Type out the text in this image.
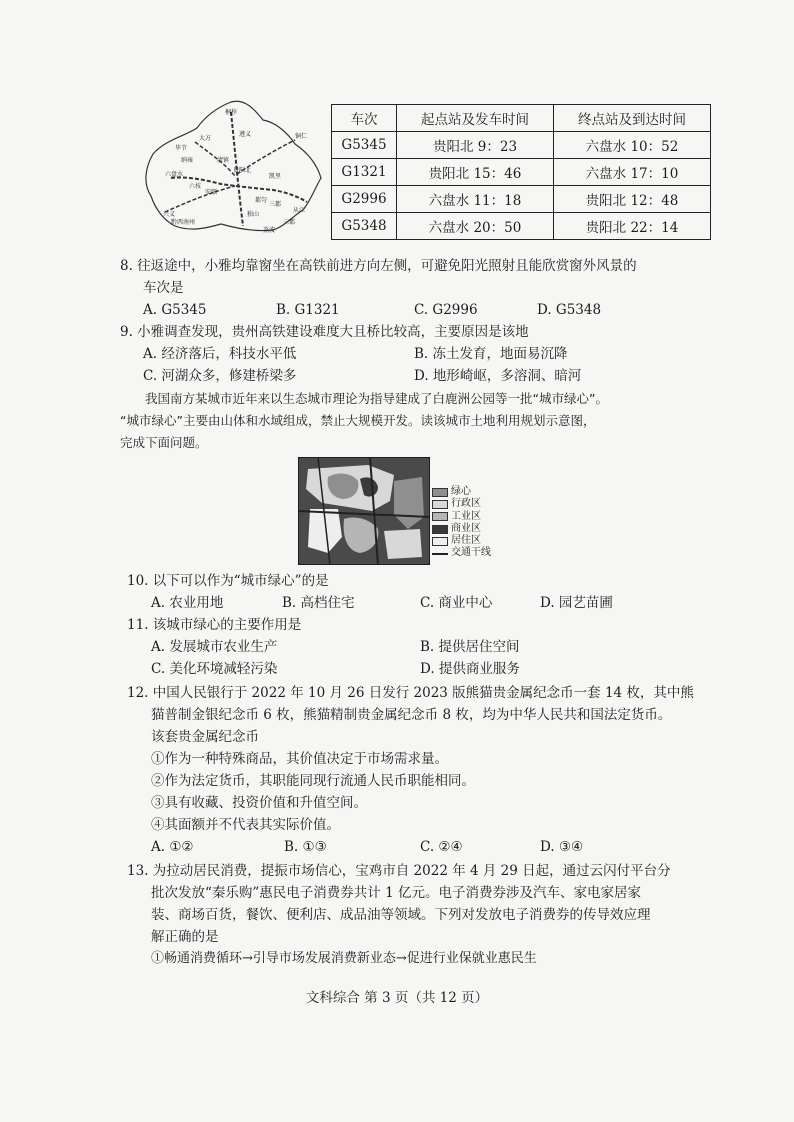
桐梓
遵义
大方	铜仁
毕节
贵阳北
凯里
六盘水
安顺
都匀
兴义
黔西南州
从江
三都
独山
六枝
清镇
纳雍
三都
荔波
车次	起点站及发车时间	终点站及到达时间
G5345	贵阳北 9：23	六盘水 10：52
G1321	贵阳北 15：46	六盘水 17：10
G2996	六盘水 11：18	贵阳北 12：48
G5348	六盘水 20：50	贵阳北 22：14
8. 往返途中，小雅均靠窗坐在高铁前进方向左侧，可避免阳光照射且能欣赏窗外风景的
车次是
A. G5345	B. G1321	C. G2996	D. G5348
9. 小雅调查发现，贵州高铁建设难度大且桥比较高，主要原因是该地
A. 经济落后，科技水平低	B. 冻土发育，地面易沉降
C. 河湖众多，修建桥梁多	D. 地形崎岖，多溶洞、暗河
我国南方某城市近年来以生态城市理论为指导建成了白鹿洲公园等一批“城市绿心”。
“城市绿心”主要由山体和水域组成，禁止大规模开发。读该城市土地利用规划示意图，
完成下面问题。
绿心
行政区
工业区
商业区
居住区
交通干线
10. 以下可以作为“城市绿心”的是
A. 农业用地	B. 高档住宅	C. 商业中心	D. 园艺苗圃
11. 该城市绿心的主要作用是
A. 发展城市农业生产	B. 提供居住空间
C. 美化环境减轻污染	D. 提供商业服务
12. 中国人民银行于 2022 年 10 月 26 日发行 2023 版熊猫贵金属纪念币一套 14 枚，其中熊
猫普制金银纪念币 6 枚，熊猫精制贵金属纪念币 8 枚，均为中华人民共和国法定货币。
该套贵金属纪念币
①作为一种特殊商品，其价值决定于市场需求量。
②作为法定货币，其职能同现行流通人民币职能相同。
③具有收藏、投资价值和升值空间。
④其面额并不代表其实际价值。
A. ①②	B. ①③	C. ②④	D. ③④
13. 为拉动居民消费，提振市场信心，宝鸡市自 2022 年 4 月 29 日起，通过云闪付平台分
批次发放“秦乐购”惠民电子消费券共计 1 亿元。电子消费券涉及汽车、家电家居家
装、商场百货，餐饮、便利店、成品油等领域。下列对发放电子消费券的传导效应理
解正确的是
①畅通消费循环→引导市场发展消费新业态→促进行业保就业惠民生
文科综合 第 3 页（共 12 页）
